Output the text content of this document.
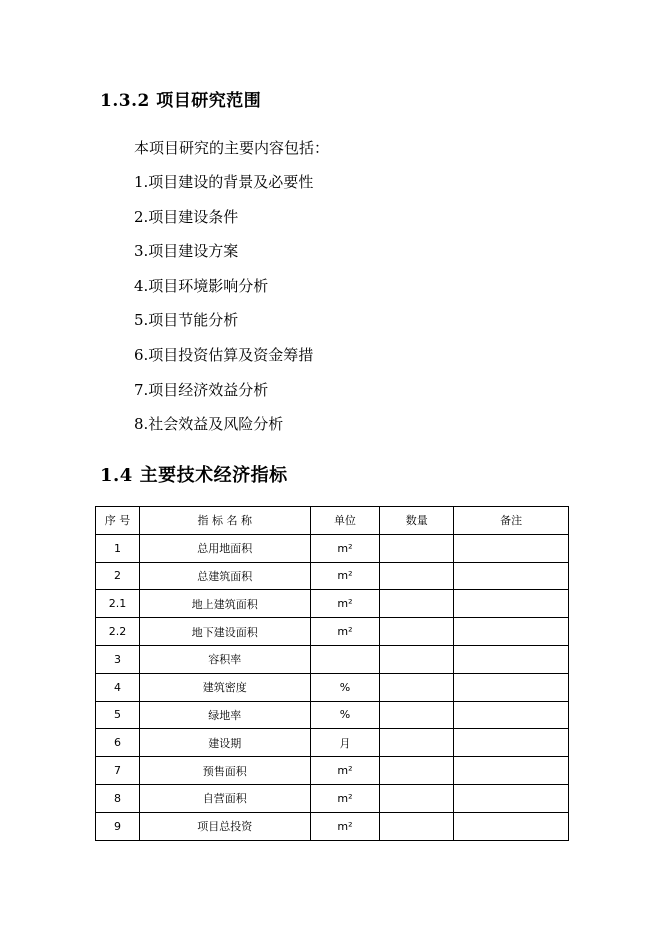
1.3.2 项目研究范围

本项目研究的主要内容包括：

1.项目建设的背景及必要性
2.项目建设条件
3.项目建设方案
4.项目环境影响分析
5.项目节能分析
6.项目投资估算及资金筹措
7.项目经济效益分析
8.社会效益及风险分析
1.4 主要技术经济指标
序 号	指 标 名 称	单位	数量	备注
1	总用地面积	m²		
2	总建筑面积	m²		
2.1	地上建筑面积	m²		
2.2	地下建设面积	m²		
3	容积率			
4	建筑密度	%		
5	绿地率	%		
6	建设期	月		
7	预售面积	m²		
8	自营面积	m²		
9	项目总投资	m²		
